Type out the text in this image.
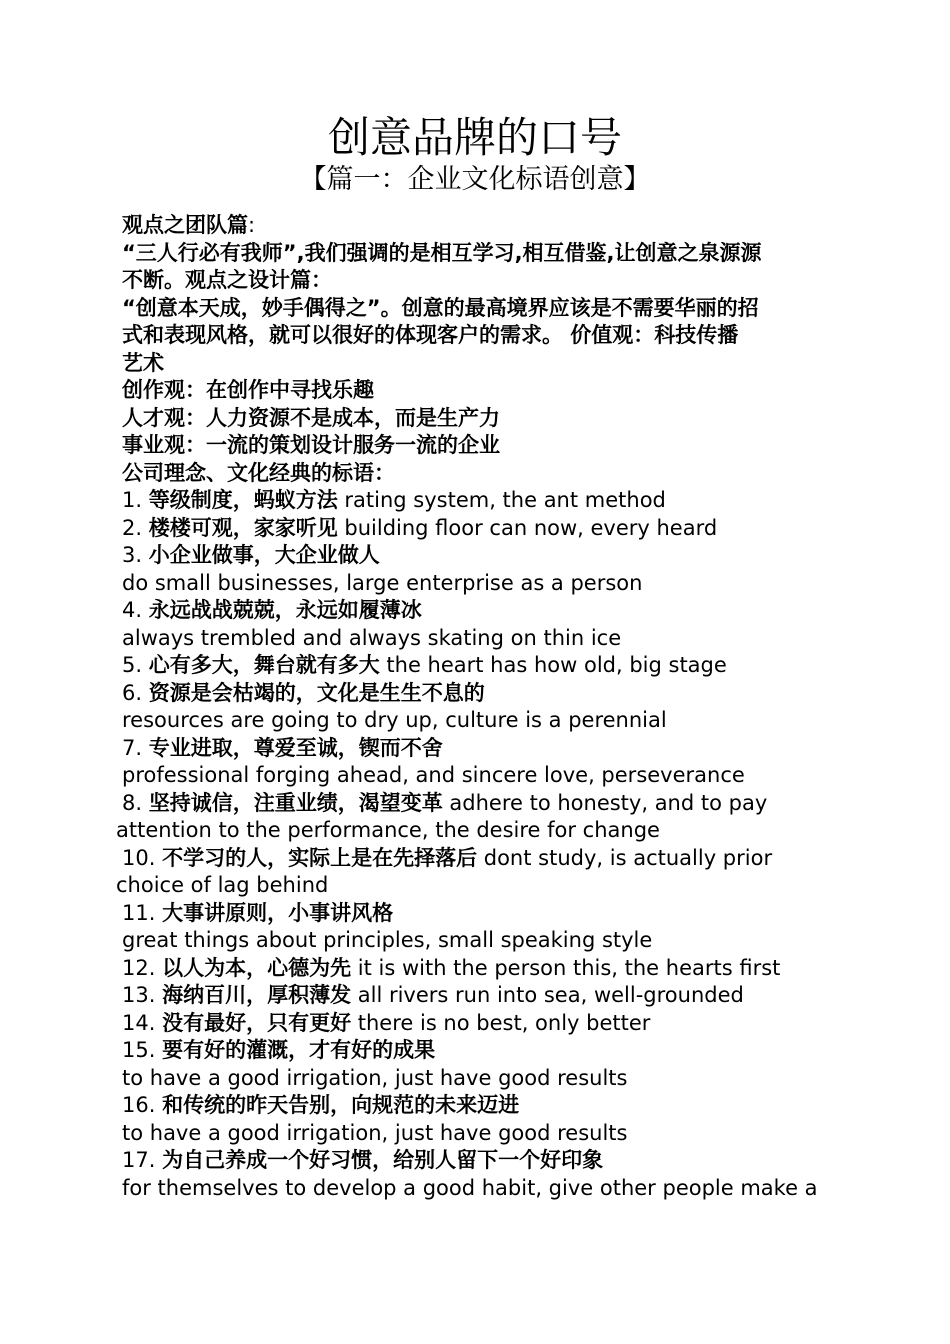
创意品牌的口号
【篇一：企业文化标语创意】
观点之团队篇:
“三人行必有我师”,我们强调的是相互学习,相互借鉴,让创意之泉源源
不断。观点之设计篇：
“创意本天成，妙手偶得之”。创意的最高境界应该是不需要华丽的招
式和表现风格，就可以很好的体现客户的需求。 价值观：科技传播
艺术
创作观：在创作中寻找乐趣
人才观：人力资源不是成本，而是生产力
事业观：一流的策划设计服务一流的企业
公司理念、文化经典的标语：
1. 等级制度，蚂蚁方法 rating system, the ant method
2. 楼楼可观，家家听见 building floor can now, every heard
3. 小企业做事，大企业做人
do small businesses, large enterprise as a person
4. 永远战战兢兢，永远如履薄冰
always trembled and always skating on thin ice
5. 心有多大，舞台就有多大 the heart has how old, big stage
6. 资源是会枯竭的，文化是生生不息的
resources are going to dry up, culture is a perennial
7. 专业进取，尊爱至诚，锲而不舍
professional forging ahead, and sincere love, perseverance
8. 坚持诚信，注重业绩，渴望变革 adhere to honesty, and to pay
attention to the performance, the desire for change
10. 不学习的人，实际上是在先择落后 dont study, is actually prior
choice of lag behind
11. 大事讲原则，小事讲风格
great things about principles, small speaking style
12. 以人为本，心德为先 it is with the person this, the hearts first
13. 海纳百川，厚积薄发 all rivers run into sea, well-grounded
14. 没有最好，只有更好 there is no best, only better
15. 要有好的灌溉，才有好的成果
to have a good irrigation, just have good results
16. 和传统的昨天告别，向规范的未来迈进
to have a good irrigation, just have good results
17. 为自己养成一个好习惯，给别人留下一个好印象
for themselves to develop a good habit, give other people make a
